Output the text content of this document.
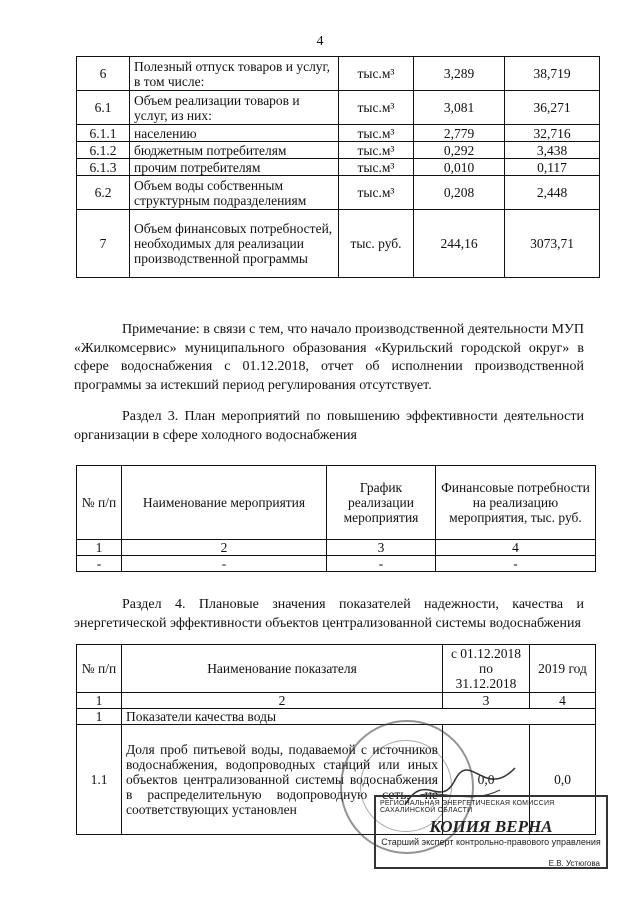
4
6	Полезный отпуск товаров и услуг, в том числе:	тыс.м³	3,289	38,719
6.1	Объем реализации товаров и услуг, из них:	тыс.м³	3,081	36,271
6.1.1	населению	тыс.м³	2,779	32,716
6.1.2	бюджетным потребителям	тыс.м³	0,292	3,438
6.1.3	прочим потребителям	тыс.м³	0,010	0,117
6.2	Объем воды собственным структурным подразделениям	тыс.м³	0,208	2,448
7	Объем финансовых потребностей, необходимых для реализации производственной программы	тыс. руб.	244,16	3073,71
Примечание: в связи с тем, что начало производственной деятельности МУП «Жилкомсервис» муниципального образования «Курильский городской округ» в сфере водоснабжения с 01.12.2018, отчет об исполнении производственной программы за истекший период регулирования отсутствует.
Раздел 3. План мероприятий по повышению эффективности деятельности организации в сфере холодного водоснабжения
№ п/п	Наименование мероприятия	График реализации мероприятия	Финансовые потребности на реализацию мероприятия, тыс. руб.
1	2	3	4
-	-	-	-
Раздел 4. Плановые значения показателей надежности, качества и энергетической эффективности объектов централизованной системы водоснабжения
№ п/п	Наименование показателя	с 01.12.2018 по 31.12.2018	2019 год
1	2	3	4
1	Показатели качества воды		
1.1	Доля проб питьевой воды, подаваемой с источников водоснабжения, водопроводных станций или иных объектов централизованной системы водоснабжения в распределительную водопроводную сеть, не соответствующих установлен	0,0	0,0
РЕГИОНАЛЬНАЯ ЭНЕРГЕТИЧЕСКАЯ КОМИССИЯ САХАЛИНСКОЙ ОБЛАСТИ
КОПИЯ ВЕРНА
Старший эксперт контрольно-правового управления
Е.В. Устюгова
